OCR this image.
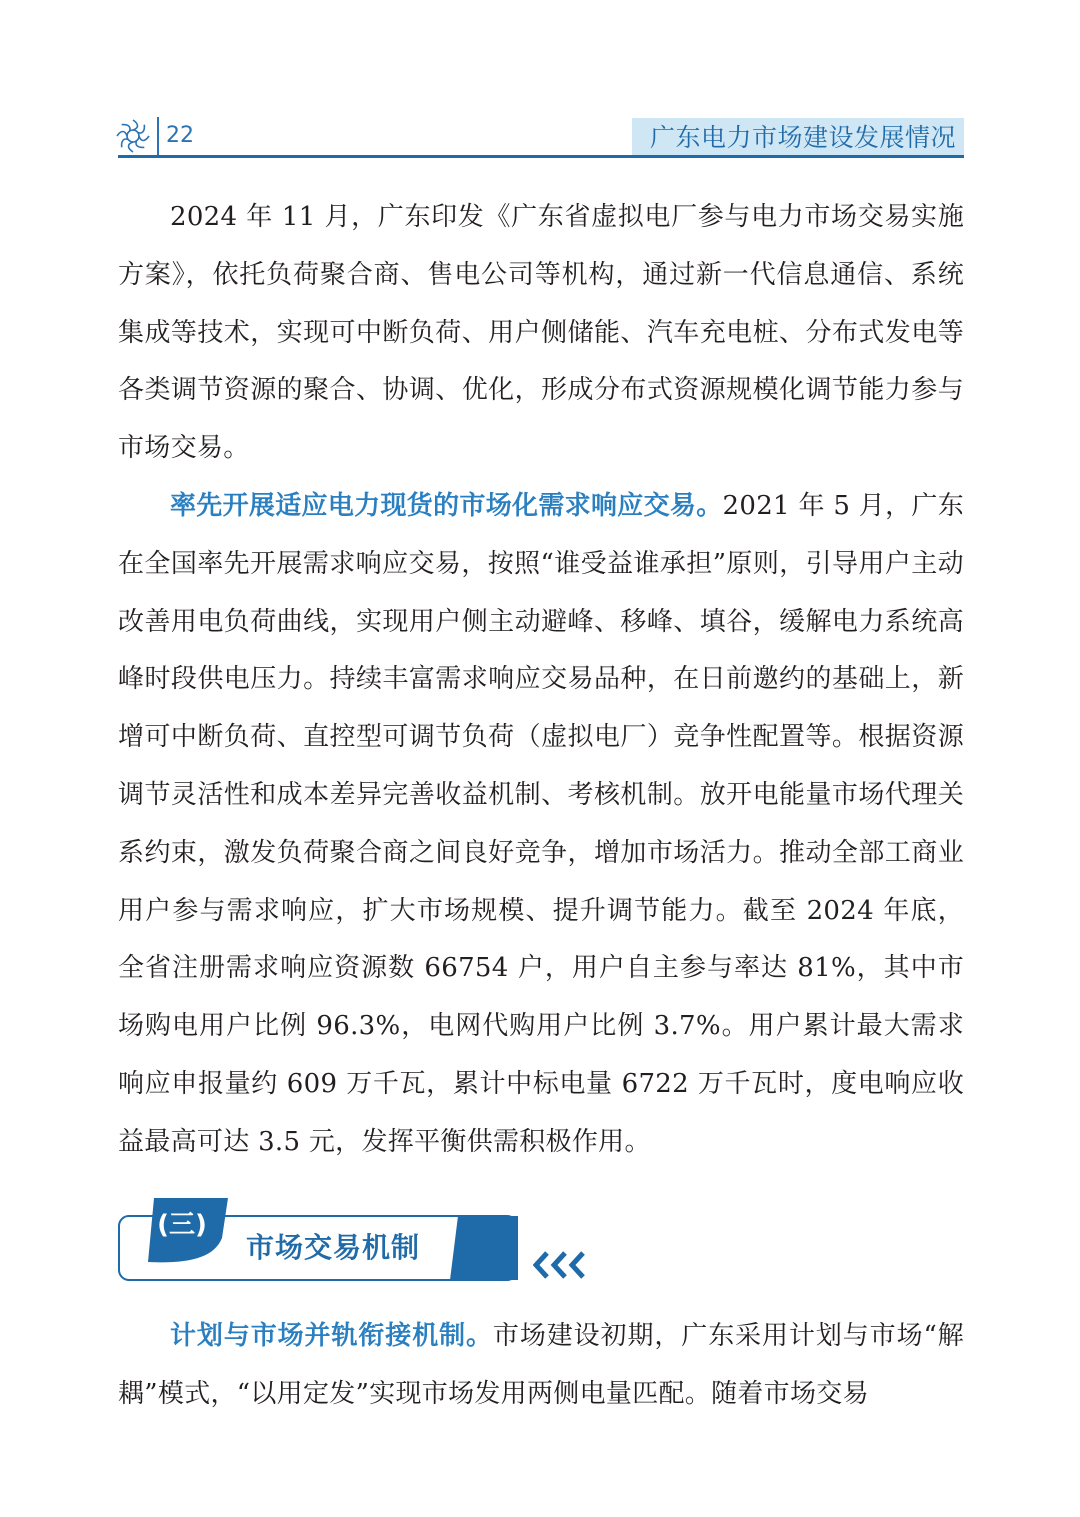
22	广东电力市场建设发展情况

2024 年 11 月，广东印发《广东省虚拟电厂参与电力市场交易实施方案》，依托负荷聚合商、售电公司等机构，通过新一代信息通信、系统集成等技术，实现可中断负荷、用户侧储能、汽车充电桩、分布式发电等各类调节资源的聚合、协调、优化，形成分布式资源规模化调节能力参与市场交易。

率先开展适应电力现货的市场化需求响应交易。2021 年 5 月，广东在全国率先开展需求响应交易，按照“谁受益谁承担”原则，引导用户主动改善用电负荷曲线，实现用户侧主动避峰、移峰、填谷，缓解电力系统高峰时段供电压力。持续丰富需求响应交易品种，在日前邀约的基础上，新增可中断负荷、直控型可调节负荷（虚拟电厂）竞争性配置等。根据资源调节灵活性和成本差异完善收益机制、考核机制。放开电能量市场代理关系约束，激发负荷聚合商之间良好竞争，增加市场活力。推动全部工商业用户参与需求响应，扩大市场规模、提升调节能力。截至 2024 年底，全省注册需求响应资源数 66754 户，用户自主参与率达 81%，其中市场购电用户比例 96.3%，电网代购用户比例 3.7%。用户累计最大需求响应申报量约 609 万千瓦，累计中标电量 6722 万千瓦时，度电响应收益最高可达 3.5 元，发挥平衡供需积极作用。

(三)
市场交易机制

计划与市场并轨衔接机制。市场建设初期，广东采用计划与市场“解耦”模式，“以用定发”实现市场发用两侧电量匹配。随着市场交易
